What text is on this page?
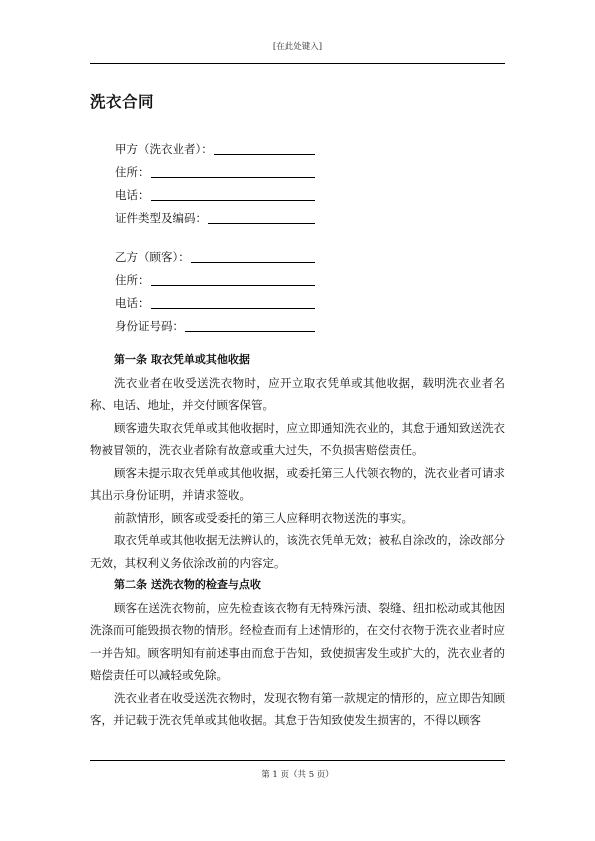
[在此处键入]
洗衣合同
甲方（洗衣业者）：
住所：
电话：
证件类型及编码：
乙方（顾客）：
住所：
电话：
身份证号码：
第一条 取衣凭单或其他收据
洗衣业者在收受送洗衣物时，应开立取衣凭单或其他收据，载明洗衣业者名称、电话、地址，并交付顾客保管。
顾客遗失取衣凭单或其他收据时，应立即通知洗衣业的，其怠于通知致送洗衣物被冒领的，洗衣业者除有故意或重大过失，不负损害赔偿责任。
顾客未提示取衣凭单或其他收据，或委托第三人代领衣物的，洗衣业者可请求其出示身份证明，并请求签收。
前款情形，顾客或受委托的第三人应释明衣物送洗的事实。
取衣凭单或其他收据无法辨认的，该洗衣凭单无效；被私自涂改的，涂改部分无效，其权利义务依涂改前的内容定。
第二条 送洗衣物的检查与点收
顾客在送洗衣物前，应先检查该衣物有无特殊污渍、裂缝、纽扣松动或其他因洗涤而可能毁损衣物的情形。经检查而有上述情形的，在交付衣物于洗衣业者时应一并告知。顾客明知有前述事由而怠于告知，致使损害发生或扩大的，洗衣业者的赔偿责任可以减轻或免除。
洗衣业者在收受送洗衣物时，发现衣物有第一款规定的情形的，应立即告知顾客，并记载于洗衣凭单或其他收据。其怠于告知致使发生损害的，不得以顾客
第 1 页（共 5 页）
